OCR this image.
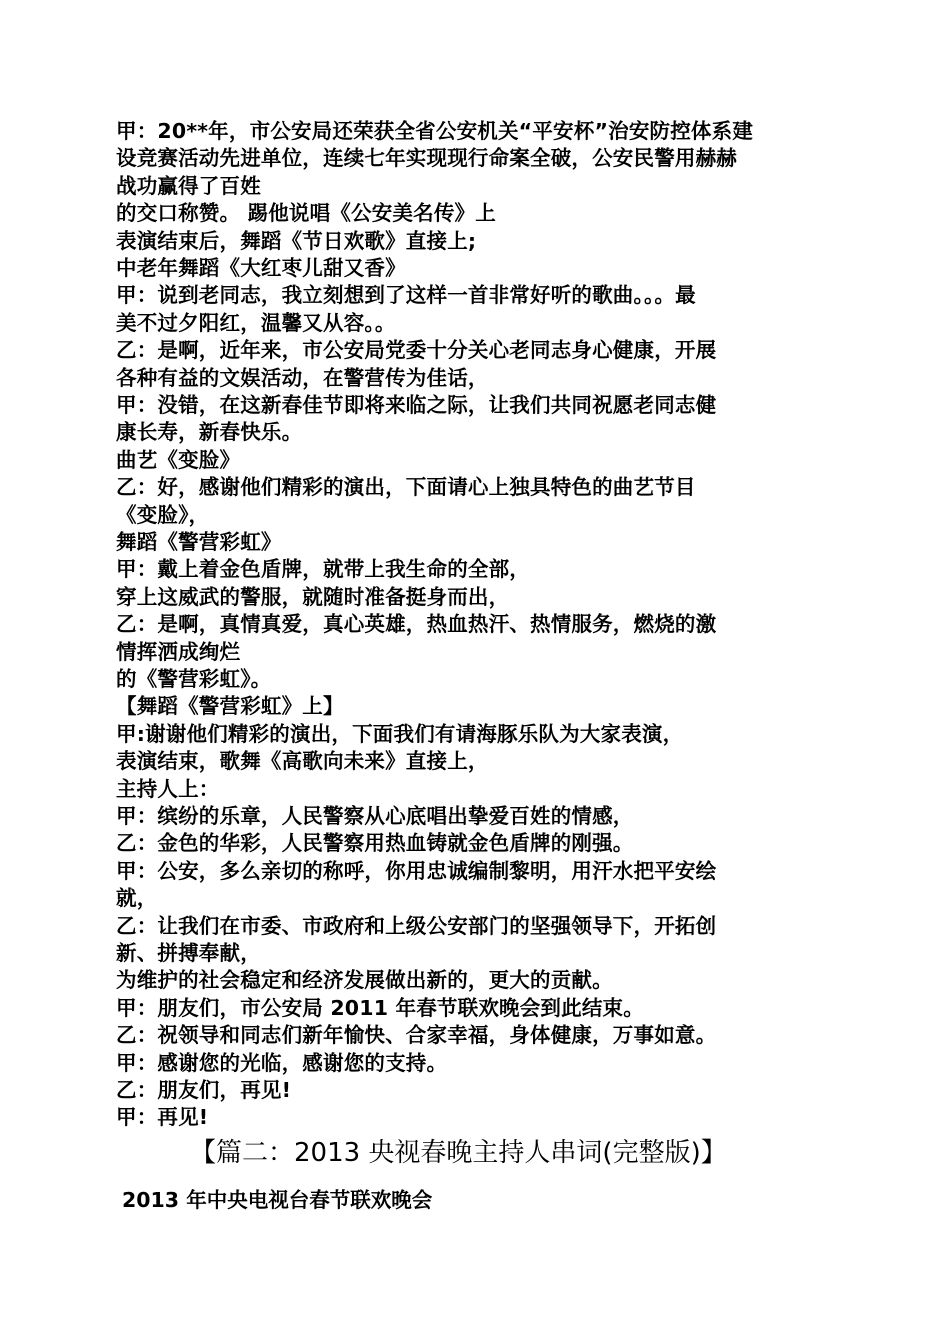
甲：20**年，市公安局还荣获全省公安机关“平安杯”治安防控体系建
设竞赛活动先进单位，连续七年实现现行命案全破，公安民警用赫赫
战功赢得了百姓
的交口称赞。 踢他说唱《公安美名传》上
表演结束后，舞蹈《节日欢歌》直接上;
中老年舞蹈《大红枣儿甜又香》
甲：说到老同志，我立刻想到了这样一首非常好听的歌曲。。。最
美不过夕阳红，温馨又从容。。
乙：是啊，近年来，市公安局党委十分关心老同志身心健康，开展
各种有益的文娱活动，在警营传为佳话，
甲：没错，在这新春佳节即将来临之际，让我们共同祝愿老同志健
康长寿，新春快乐。
曲艺《变脸》
乙：好，感谢他们精彩的演出，下面请心上独具特色的曲艺节目
《变脸》，
舞蹈《警营彩虹》
甲：戴上着金色盾牌，就带上我生命的全部，
穿上这威武的警服，就随时准备挺身而出，
乙：是啊，真情真爱，真心英雄，热血热汗、热情服务，燃烧的激
情挥洒成绚烂
的《警营彩虹》。
【舞蹈《警营彩虹》上】
甲:谢谢他们精彩的演出，下面我们有请海豚乐队为大家表演，
表演结束，歌舞《高歌向未来》直接上，
主持人上：
甲：缤纷的乐章，人民警察从心底唱出挚爱百姓的情感，
乙：金色的华彩，人民警察用热血铸就金色盾牌的刚强。
甲：公安，多么亲切的称呼，你用忠诚编制黎明，用汗水把平安绘
就，
乙：让我们在市委、市政府和上级公安部门的坚强领导下，开拓创
新、拼搏奉献，
为维护的社会稳定和经济发展做出新的，更大的贡献。
甲：朋友们，市公安局 2011 年春节联欢晚会到此结束。
乙：祝领导和同志们新年愉快、合家幸福，身体健康，万事如意。
甲：感谢您的光临，感谢您的支持。
乙：朋友们，再见!
甲：再见!
【篇二：2013 央视春晚主持人串词(完整版)】
2013 年中央电视台春节联欢晚会
